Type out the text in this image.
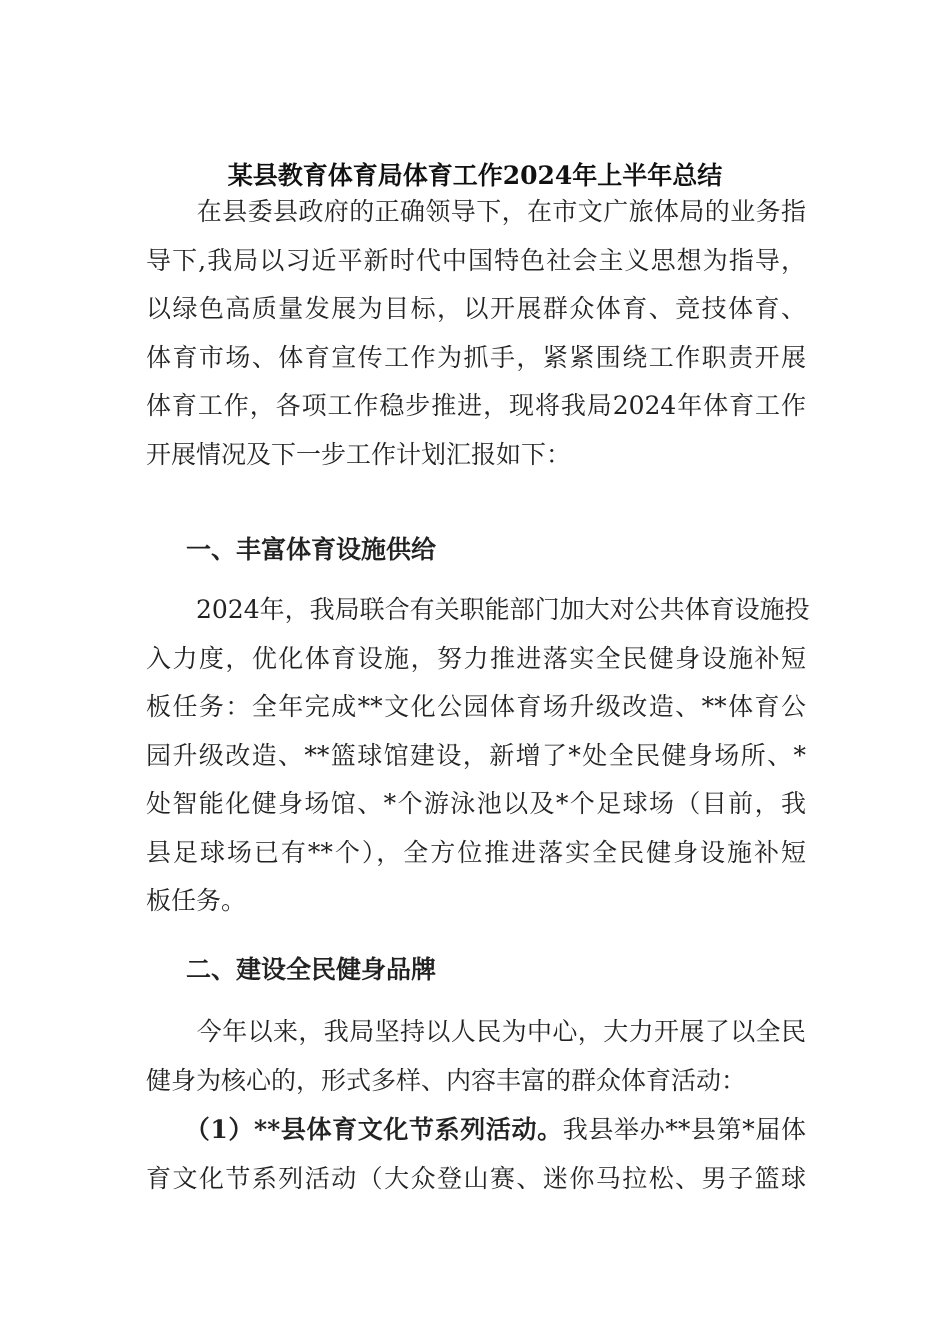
某县教育体育局体育工作2024年上半年总结
　　在县委县政府的正确领导下，在市文广旅体局的业务指
导下,我局以习近平新时代中国特色社会主义思想为指导，
以绿色高质量发展为目标，以开展群众体育、竞技体育、
体育市场、体育宣传工作为抓手，紧紧围绕工作职责开展
体育工作，各项工作稳步推进，现将我局2024年体育工作
开展情况及下一步工作计划汇报如下：
一、丰富体育设施供给
　　2024年，我局联合有关职能部门加大对公共体育设施投
入力度，优化体育设施，努力推进落实全民健身设施补短
板任务：全年完成**文化公园体育场升级改造、**体育公
园升级改造、**篮球馆建设，新增了*处全民健身场所、*
处智能化健身场馆、*个游泳池以及*个足球场（目前，我
县足球场已有**个），全方位推进落实全民健身设施补短
板任务。
二、建设全民健身品牌
　　今年以来，我局坚持以人民为中心，大力开展了以全民
健身为核心的，形式多样、内容丰富的群众体育活动：
　　（1）**县体育文化节系列活动。我县举办**县第*届体
育文化节系列活动（大众登山赛、迷你马拉松、男子篮球
